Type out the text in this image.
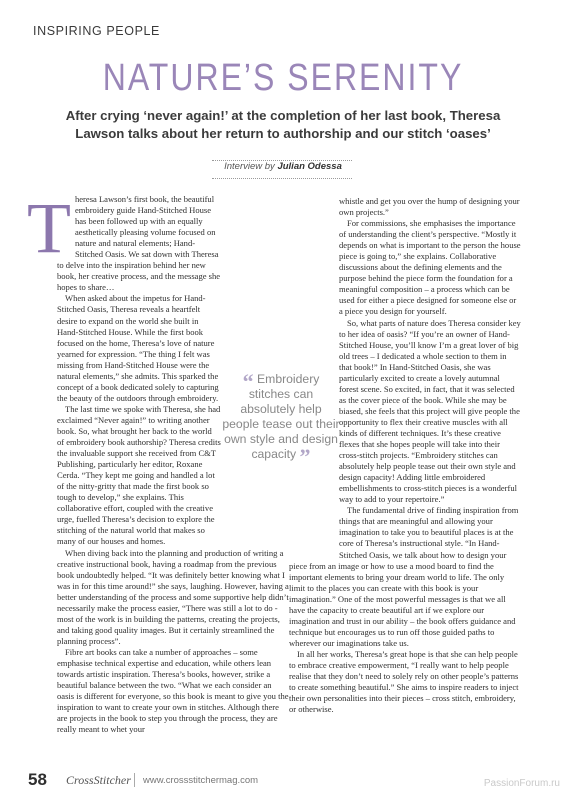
INSPIRING PEOPLE
NATURE’S SERENITY
After crying ‘never again!’ at the completion of her last book, Theresa Lawson talks about her return to authorship and our stitch ‘oases’
Interview by Julian Odessa

Theresa Lawson’s first book, the beautiful embroidery guide Hand-Stitched House has been followed up with an equally aesthetically pleasing volume focused on nature and natural elements; Hand-Stitched Oasis. We sat down with Theresa to delve into the inspiration behind her new book, her creative process, and the message she hopes to share…

When asked about the impetus for Hand-Stitched Oasis, Theresa reveals a heartfelt desire to expand on the world she built in Hand-Stitched House. While the first book focused on the home, Theresa’s love of nature yearned for expression. “The thing I felt was missing from Hand-Stitched House were the natural elements,” she admits. This sparked the concept of a book dedicated solely to capturing the beauty of the outdoors through embroidery.

The last time we spoke with Theresa, she had exclaimed “Never again!” to writing another book. So, what brought her back to the world of embroidery book authorship? Theresa credits the invaluable support she received from C&T Publishing, particularly her editor, Roxane Cerda. “They kept me going and handled a lot of the nitty-gritty that made the first book so tough to develop,” she explains. This collaborative effort, coupled with the creative urge, fuelled Theresa’s decision to explore the stitching of the natural world that makes so many of our houses and homes.

When diving back into the planning and production of writing a creative instructional book, having a roadmap from the previous book undoubtedly helped. “It was definitely better knowing what I was in for this time around!” she says, laughing. However, having a better understanding of the process and some supportive help didn’t necessarily make the process easier, “There was still a lot to do - most of the work is in building the patterns, creating the projects, and taking good quality images. But it certainly streamlined the planning process”.

Fibre art books can take a number of approaches – some emphasise technical expertise and education, while others lean towards artistic inspiration. Theresa’s books, however, strike a beautiful balance between the two. “What we each consider an oasis is different for everyone, so this book is meant to give you the inspiration to want to create your own in stitches. Although there are projects in the book to step you through the process, they are really meant to whet your

whistle and get you over the hump of designing your own projects.”

For commissions, she emphasises the importance of understanding the client’s perspective. “Mostly it depends on what is important to the person the house piece is going to,” she explains. Collaborative discussions about the defining elements and the purpose behind the piece form the foundation for a meaningful composition – a process which can be used for either a piece designed for someone else or a piece you design for yourself.

So, what parts of nature does Theresa consider key to her idea of oasis? “If you’re an owner of Hand-Stitched House, you’ll know I’m a great lover of big old trees – I dedicated a whole section to them in that book!” In Hand-Stitched Oasis, she was particularly excited to create a lovely autumnal forest scene. So excited, in fact, that it was selected as the cover piece of the book. While she may be biased, she feels that this project will give people the opportunity to flex their creative muscles with all kinds of different techniques. It’s these creative flexes that she hopes people will take into their cross-stitch projects. “Embroidery stitches can absolutely help people tease out their own style and design capacity! Adding little embroidered embellishments to cross-stitch pieces is a wonderful way to add to your repertoire.”

The fundamental drive of finding inspiration from things that are meaningful and allowing your imagination to take you to beautiful places is at the core of Theresa’s instructional style. “In Hand-Stitched Oasis, we talk about how to design your piece from an image or how to use a mood board to find the important elements to bring your dream world to life. The only limit to the places you can create with this book is your imagination.” One of the most powerful messages is that we all have the capacity to create beautiful art if we explore our imagination and trust in our ability – the book offers guidance and technique but encourages us to run off those guided paths to wherever our imaginations take us.

In all her works, Theresa’s great hope is that she can help people to embrace creative empowerment, “I really want to help people realise that they don’t need to solely rely on other people’s patterns to create something beautiful.” She aims to inspire readers to inject their own personalities into their pieces – cross stitch, embroidery, or otherwise.

“ Embroidery stitches can absolutely help people tease out their own style and design capacity ”
58 CrossStitcher www.crossstitchermag.com	PassionForum.ru
